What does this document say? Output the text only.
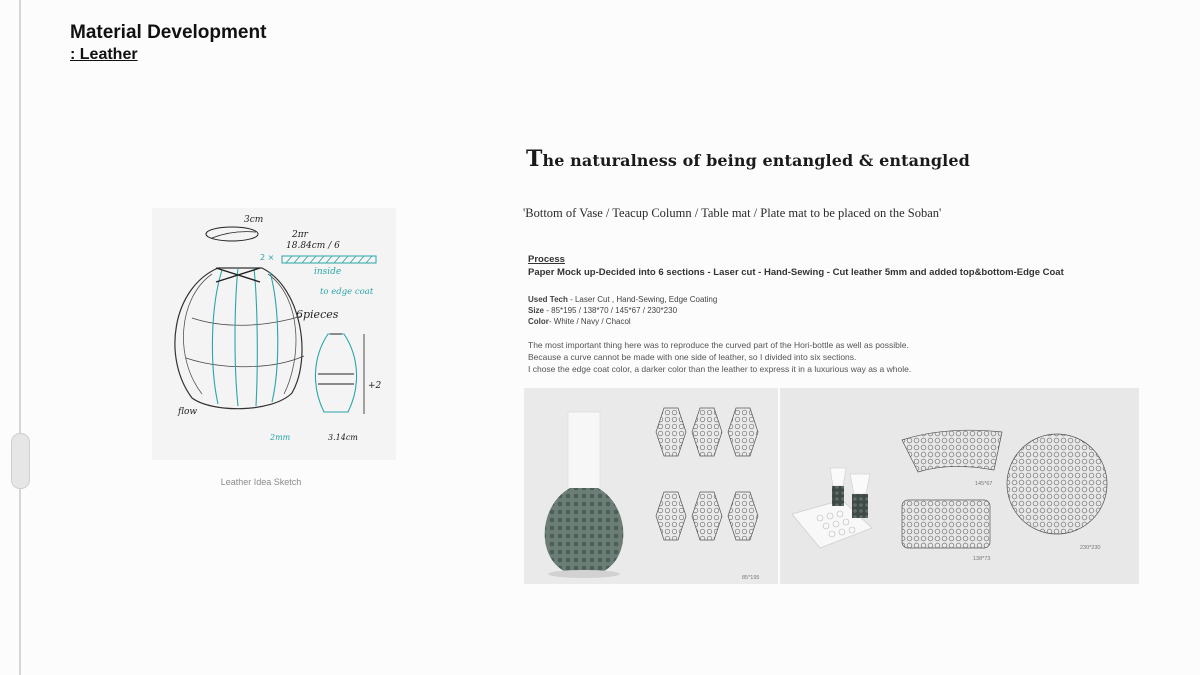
Material Development
: Leather
3cm
2πr
18.84cm / 6
2 ×
inside
to edge coat
6pieces
flow
+2
2mm	3.14cm
Leather Idea Sketch
The naturalness of being entangled & entangled
'Bottom of Vase / Teacup Column / Table mat / Plate mat to be placed on the Soban'
Process
Paper Mock up-Decided into 6 sections - Laser cut - Hand-Sewing - Cut leather 5mm and added top&bottom-Edge Coat
Used Tech - Laser Cut , Hand-Sewing, Edge Coating
Size - 85*195 / 138*70 / 145*67 / 230*230
Color- White / Navy / Chacol
The most important thing here was to reproduce the curved part of the Hori-bottle as well as possible.
Because a curve cannot be made with one side of leather, so I divided into six sections.
I chose the edge coat color, a darker color than the leather to express it in a luxurious way as a whole.
85*195
145*67
138*73
230*230
